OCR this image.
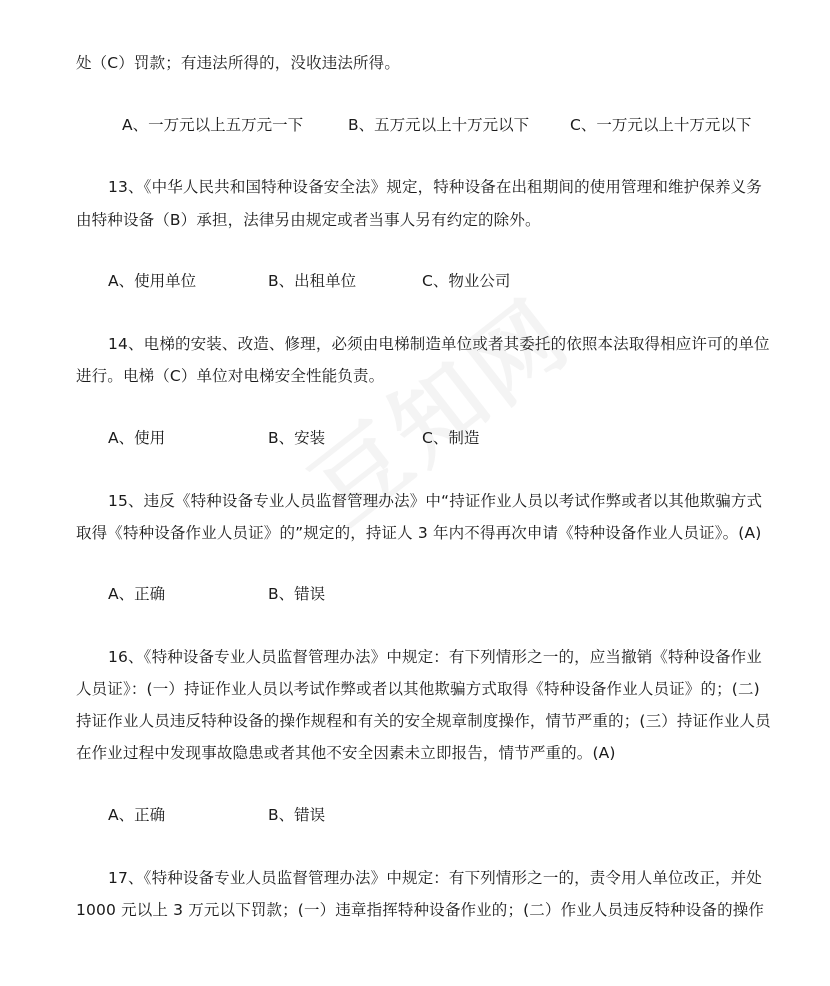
处（C）罚款；有违法所得的，没收违法所得。
A、一万元以上五万元一下	B、五万元以上十万元以下	C、一万元以上十万元以下
13、《中华人民共和国特种设备安全法》规定，特种设备在出租期间的使用管理和维护保养义务
由特种设备（B）承担，法律另由规定或者当事人另有约定的除外。
A、使用单位	B、出租单位	C、物业公司
14、电梯的安装、改造、修理，必须由电梯制造单位或者其委托的依照本法取得相应许可的单位
进行。电梯（C）单位对电梯安全性能负责。
A、使用	B、安装	C、制造
15、违反《特种设备专业人员监督管理办法》中“持证作业人员以考试作弊或者以其他欺骗方式
取得《特种设备作业人员证》的”规定的，持证人 3 年内不得再次申请《特种设备作业人员证》。(A)
A、正确	B、错误
16、《特种设备专业人员监督管理办法》中规定：有下列情形之一的，应当撤销《特种设备作业
人员证》：(一）持证作业人员以考试作弊或者以其他欺骗方式取得《特种设备作业人员证》的；(二)
持证作业人员违反特种设备的操作规程和有关的安全规章制度操作，情节严重的；(三）持证作业人员
在作业过程中发现事故隐患或者其他不安全因素未立即报告，情节严重的。(A)
A、正确	B、错误
17、《特种设备专业人员监督管理办法》中规定：有下列情形之一的，责令用人单位改正，并处
1000 元以上 3 万元以下罚款；(一）违章指挥特种设备作业的；(二）作业人员违反特种设备的操作
